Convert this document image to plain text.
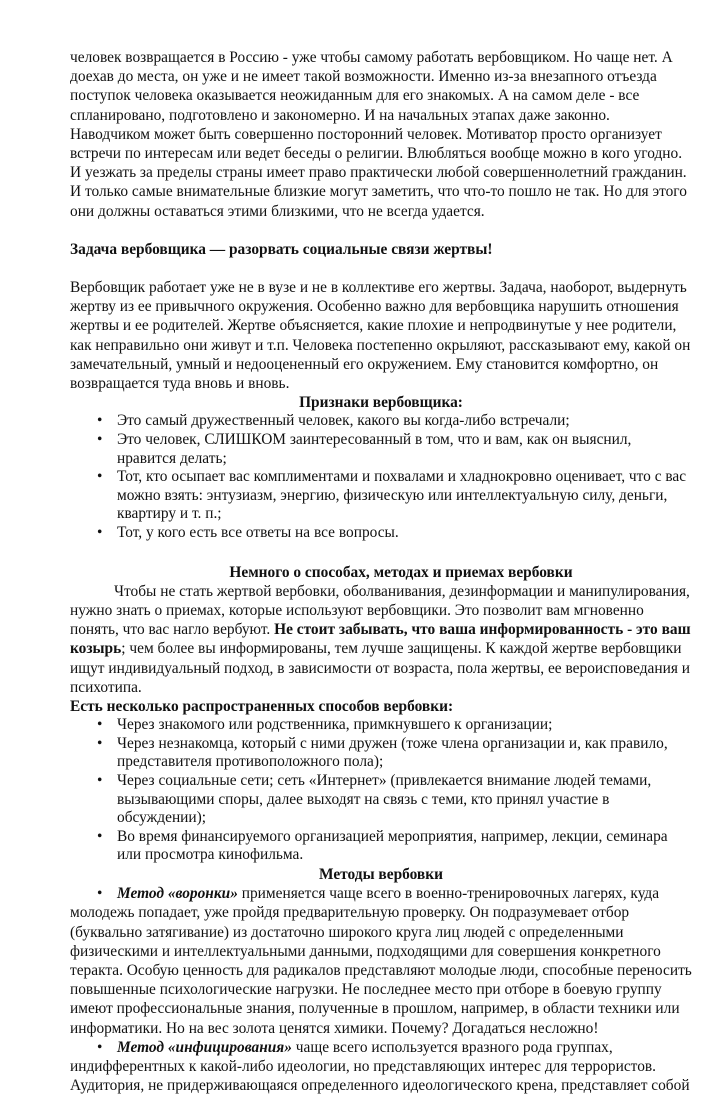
человек возвращается в Россию - уже чтобы самому работать вербовщиком. Но чаще нет. А доехав до места, он уже и не имеет такой возможности. Именно из-за внезапного отъезда поступок человека оказывается неожиданным для его знакомых. А на самом деле - все спланировано, подготовлено и закономерно. И на начальных этапах даже законно. Наводчиком может быть совершенно посторонний человек. Мотиватор просто организует встречи по интересам или ведет беседы о религии. Влюбляться вообще можно в кого угодно. И уезжать за пределы страны имеет право практически любой совершеннолетний гражданин. И только самые внимательные близкие могут заметить, что что-то пошло не так. Но для этого они должны оставаться этими близкими, что не всегда удается.

Задача вербовщика — разорвать социальные связи жертвы!

Вербовщик работает уже не в вузе и не в коллективе его жертвы. Задача, наоборот, выдернуть жертву из ее привычного окружения. Особенно важно для вербовщика нарушить отношения жертвы и ее родителей. Жертве объясняется, какие плохие и непродвинутые у нее родители, как неправильно они живут и т.п. Человека постепенно окрыляют, рассказывают ему, какой он замечательный, умный и недооцененный его окружением. Ему становится комфортно, он возвращается туда вновь и вновь.

Признаки вербовщика:

• Это самый дружественный человек, какого вы когда-либо встречали;
• Это человек, СЛИШКОМ заинтересованный в том, что и вам, как он выяснил, нравится делать;
• Тот, кто осыпает вас комплиментами и похвалами и хладнокровно оценивает, что с вас можно взять: энтузиазм, энергию, физическую или интеллектуальную силу, деньги, квартиру и т. п.;
• Тот, у кого есть все ответы на все вопросы.

Немного о способах, методах и приемах вербовки

Чтобы не стать жертвой вербовки, оболванивания, дезинформации и манипулирования, нужно знать о приемах, которые используют вербовщики. Это позволит вам мгновенно понять, что вас нагло вербуют. Не стоит забывать, что ваша информированность - это ваш козырь; чем более вы информированы, тем лучше защищены. К каждой жертве вербовщики ищут индивидуальный подход, в зависимости от возраста, пола жертвы, ее вероисповедания и психотипа.

Есть несколько распространенных способов вербовки:

• Через знакомого или родственника, примкнувшего к организации;
• Через незнакомца, который с ними дружен (тоже члена организации и, как правило, представителя противоположного пола);
• Через социальные сети; сеть «Интернет» (привлекается внимание людей темами, вызывающими споры, далее выходят на связь с теми, кто принял участие в обсуждении);
• Во время финансируемого организацией мероприятия, например, лекции, семинара или просмотра кинофильма.

Методы вербовки

• Метод «воронки» применяется чаще всего в военно-тренировочных лагерях, куда молодежь попадает, уже пройдя предварительную проверку. Он подразумевает отбор (буквально затягивание) из достаточно широкого круга лиц людей с определенными физическими и интеллектуальными данными, подходящими для совершения конкретного теракта. Особую ценность для радикалов представляют молодые люди, способные переносить повышенные психологические нагрузки. Не последнее место при отборе в боевую группу имеют профессиональные знания, полученные в прошлом, например, в области техники или информатики. Но на вес золота ценятся химики. Почему? Догадаться несложно!

• Метод «инфицирования» чаще всего используется вразного рода группах, индифферентных к какой-либо идеологии, но представляющих интерес для террористов. Аудитория, не придерживающаяся определенного идеологического крена, представляет собой
